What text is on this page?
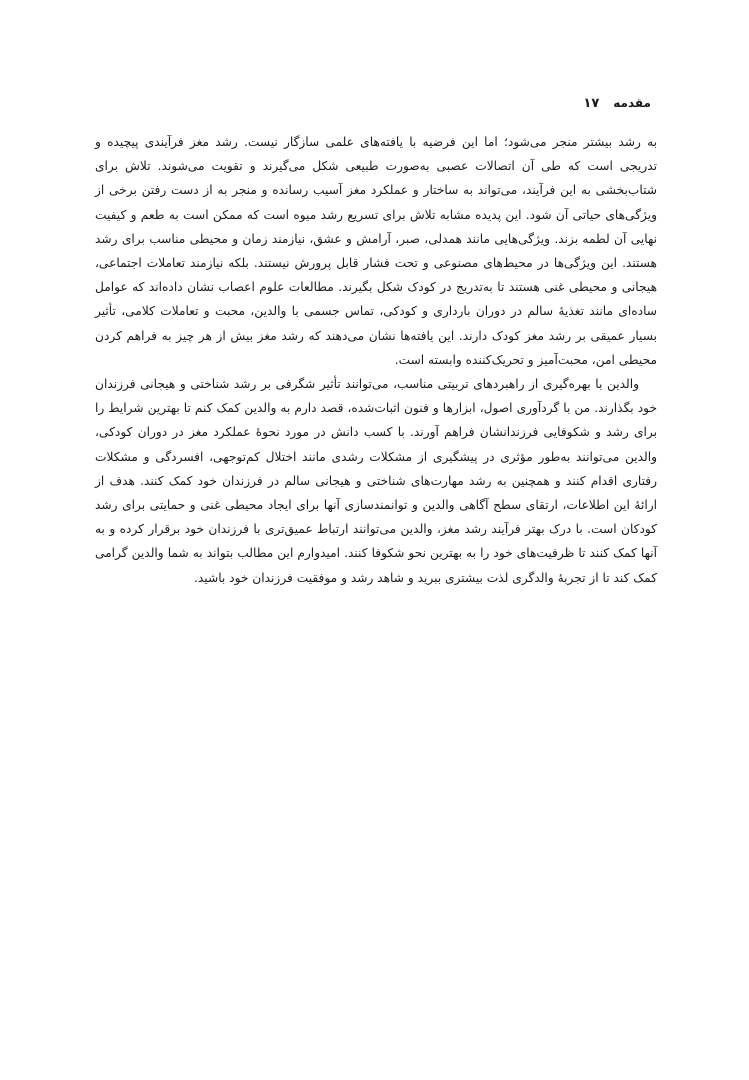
مقدمه
۱۷

به رشد بیشتر منجر می‌شود؛ اما این فرضیه با یافته‌های علمی سازگار نیست. رشد مغز فرآیندی پیچیده و تدریجی است که طی آن اتصالات عصبی به‌صورت طبیعی شکل می‌گیرند و تقویت می‌شوند. تلاش برای شتاب‌بخشی به این فرآیند، می‌تواند به ساختار و عملکرد مغز آسیب رسانده و منجر به از دست رفتن برخی از ویژگی‌های حیاتی آن شود. این پدیده مشابه تلاش برای تسریع رشد میوه است که ممکن است به طعم و کیفیت نهایی آن لطمه بزند. ویژگی‌هایی مانند همدلی، صبر، آرامش و عشق، نیازمند زمان و محیطی مناسب برای رشد هستند. این ویژگی‌ها در محیط‌های مصنوعی و تحت فشار قابل پرورش نیستند. بلکه نیازمند تعاملات اجتماعی، هیجانی و محیطی غنی هستند تا به‌تدریج در کودک شکل بگیرند. مطالعات علوم اعصاب نشان داده‌اند که عوامل ساده‌ای مانند تغذیهٔ سالم در دوران بارداری و کودکی، تماس جسمی با والدین، محبت و تعاملات کلامی، تأثیر بسیار عمیقی بر رشد مغز کودک دارند. این یافته‌ها نشان می‌دهند که رشد مغز بیش از هر چیز به فراهم کردن محیطی امن، محبت‌آمیز و تحریک‌کننده وابسته است.

والدین با بهره‌گیری از راهبردهای تربیتی مناسب، می‌توانند تأثیر شگرفی بر رشد شناختی و هیجانی فرزندان خود بگذارند. من با گردآوری اصول، ابزارها و فنون اثبات‌شده، قصد دارم به والدین کمک کنم تا بهترین شرایط را برای رشد و شکوفایی فرزندانشان فراهم آورند. با کسب دانش در مورد نحوهٔ عملکرد مغز در دوران کودکی، والدین می‌توانند به‌طور مؤثری در پیشگیری از مشکلات رشدی مانند اختلال کم‌توجهی، افسردگی و مشکلات رفتاری اقدام کنند و همچنین به رشد مهارت‌های شناختی و هیجانی سالم در فرزندان خود کمک کنند. هدف از ارائهٔ این اطلاعات، ارتقای سطح آگاهی والدین و توانمندسازی آنها برای ایجاد محیطی غنی و حمایتی برای رشد کودکان است. با درک بهتر فرآیند رشد مغز، والدین می‌توانند ارتباط عمیق‌تری با فرزندان خود برقرار کرده و به آنها کمک کنند تا ظرفیت‌های خود را به بهترین نحو شکوفا کنند. امیدوارم این مطالب بتواند به شما والدین گرامی کمک کند تا از تجربهٔ والدگری لذت بیشتری ببرید و شاهد رشد و موفقیت فرزندان خود باشید.
